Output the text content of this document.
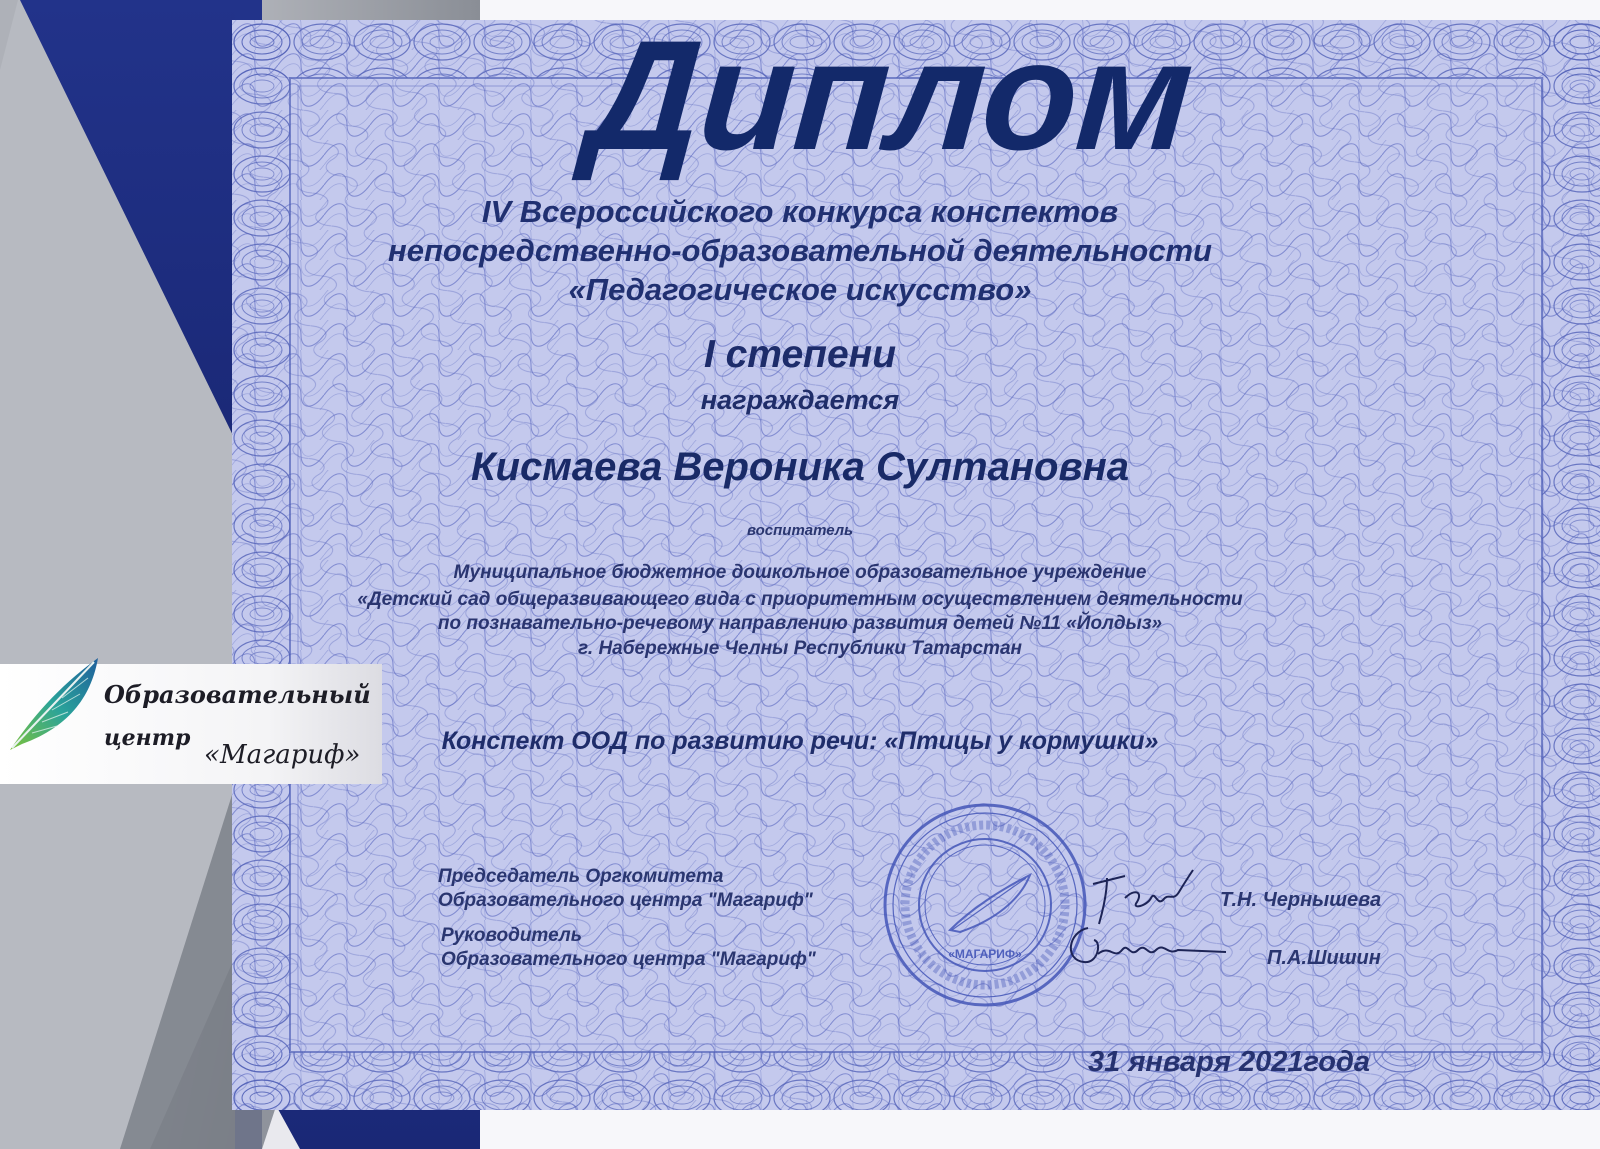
Образовательный

центр «Магариф»

Диплом
IV Всероссийского конкурса конспектов
непосредственно-образовательной деятельности
«Педагогическое искусство»

I степени

награждается

Кисмаева Вероника Султановна

воспитатель

Муниципальное бюджетное дошкольное образовательное учреждение
«Детский сад общеразвивающего вида с приоритетным осуществлением деятельности
по познавательно-речевому направлению развития детей №11 «Йолдыз»
г. Набережные Челны Республики Татарстан

Конспект ООД по развитию речи: «Птицы у кормушки»

«МАГАРИФ»

Председатель Оргкомитета

Образовательного центра "Магариф"	Т.Н. Чернышева

Руководитель

Образовательного центра "Магариф"	П.А.Шишин

31 января 2021года
